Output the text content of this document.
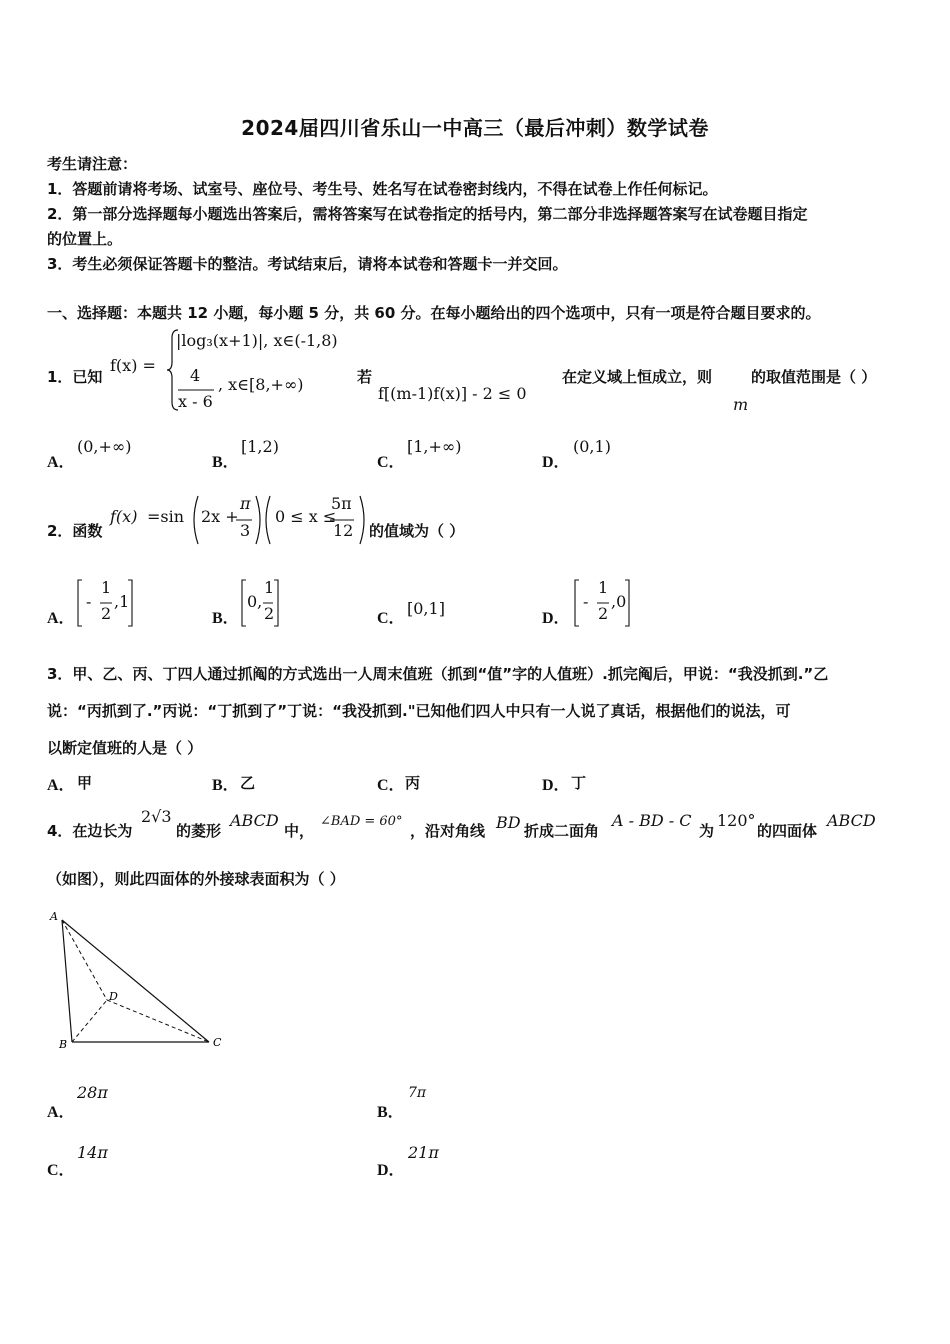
2024届四川省乐山一中高三（最后冲刺）数学试卷
考生请注意：
1．答题前请将考场、试室号、座位号、考生号、姓名写在试卷密封线内，不得在试卷上作任何标记。
2．第一部分选择题每小题选出答案后，需将答案写在试卷指定的括号内，第二部分非选择题答案写在试卷题目指定
的位置上。
3．考生必须保证答题卡的整洁。考试结束后，请将本试卷和答题卡一并交回。
一、选择题：本题共 12 小题，每小题 5 分，共 60 分。在每小题给出的四个选项中，只有一项是符合题目要求的。
1．已知
f(x) =
|log₃(x+1)|, x∈(-1,8)
4
x - 6
, x∈[8,+∞)	若
f[(m-1)f(x)] - 2 ≤ 0
在定义域上恒成立，则
m
的取值范围是（ ）
A．
(0,+∞)
B．
[1,2)
C．
[1,+∞)
D．
(0,1)
2．函数
f(x) =sin 2x +
π
3
0 ≤ x ≤
5π
12 的值域为（ ）
A．
-
1
2
,1
B．
0,
1
2	C．
[0,1]
D．
-
1
2
,0
3．甲、乙、丙、丁四人通过抓阄的方式选出一人周末值班（抓到“值”字的人值班）.抓完阄后，甲说：“我没抓到.”乙
说：“丙抓到了.”丙说：“丁抓到了”丁说：“我没抓到."已知他们四人中只有一人说了真话，根据他们的说法，可
以断定值班的人是（ ）
A． 甲	B． 乙	C． 丙	D． 丁
4．在边长为
2√3
的菱形
ABCD
中，
∠BAD = 60°
，沿对角线 BD 折成二面角
A - BD - C
为
120°
的四面体
ABCD
（如图），则此四面体的外接球表面积为（ ）
A
B	C
D
A．
28π
B．
7π
C．
14π
D．
21π
